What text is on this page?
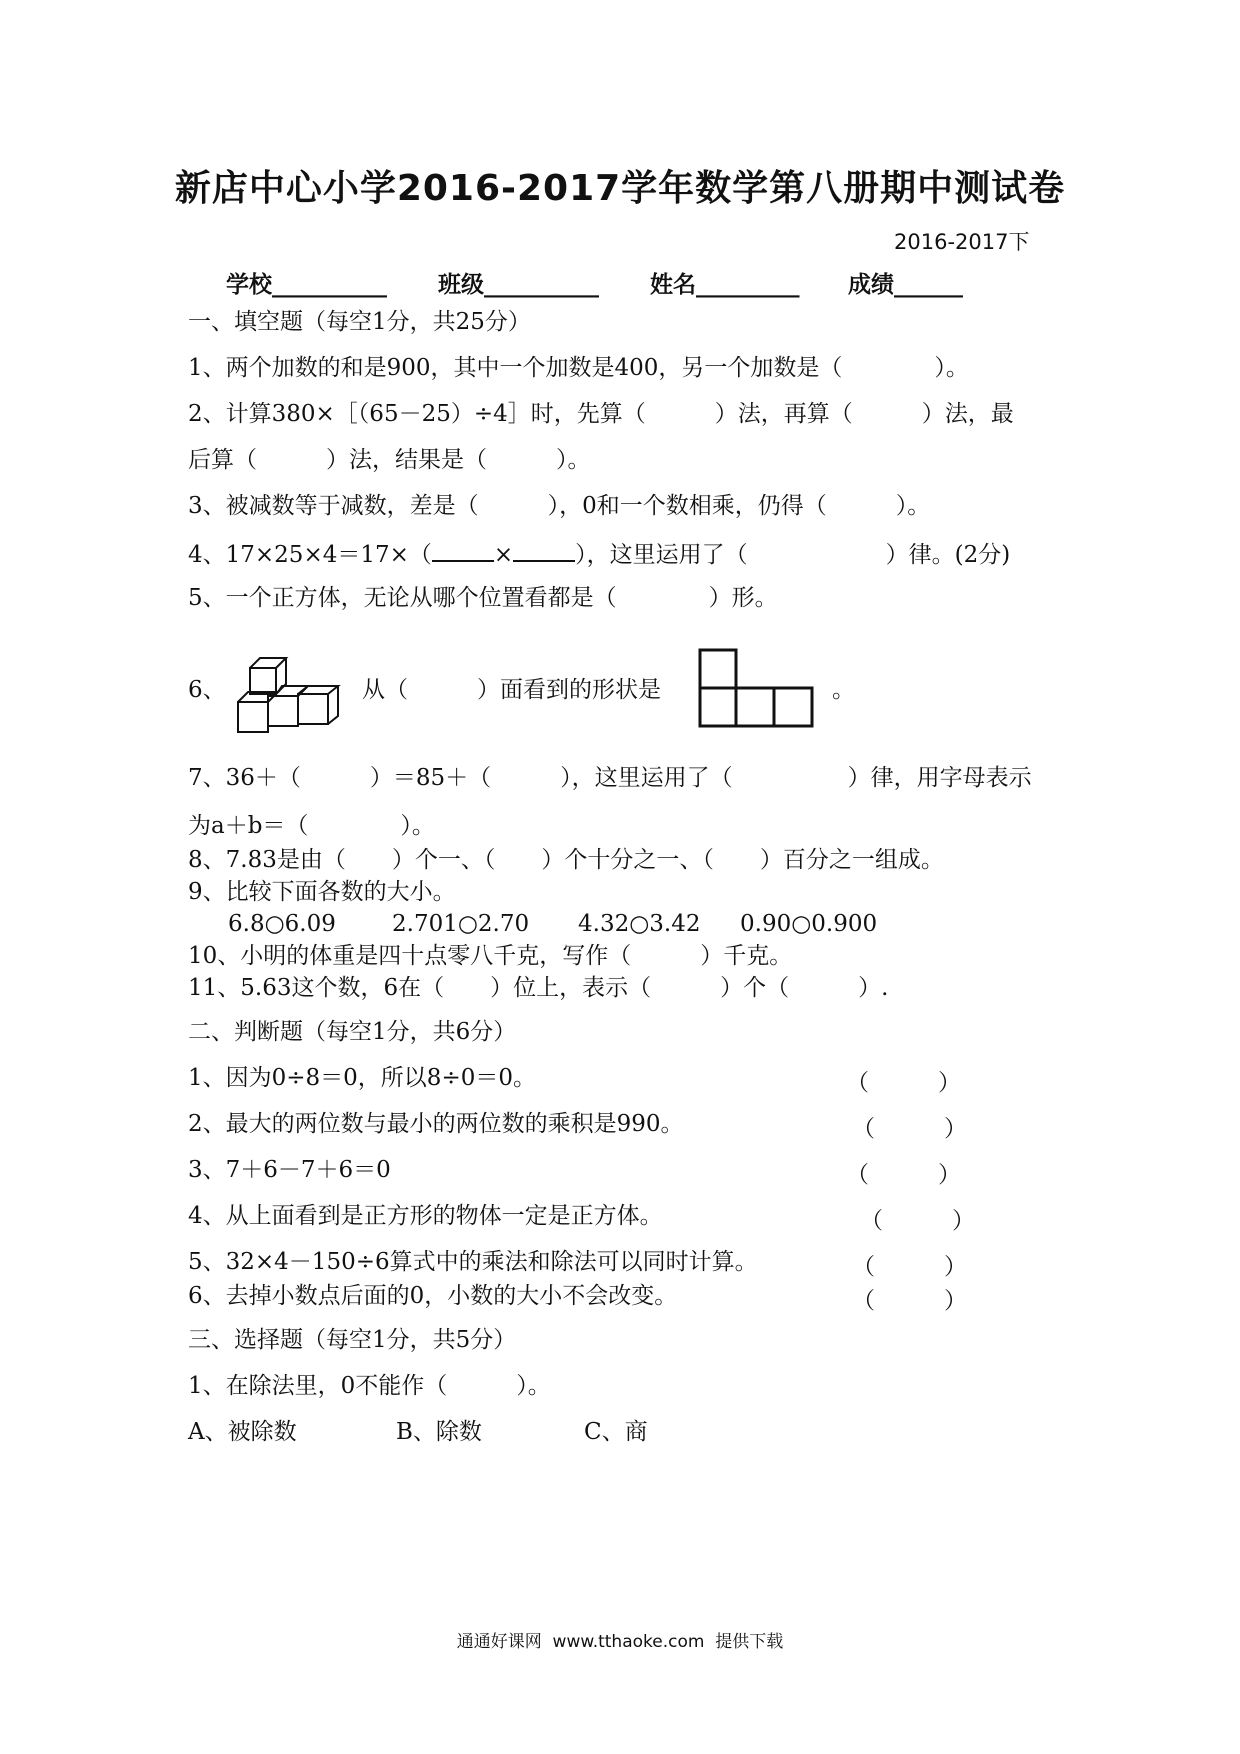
新店中心小学2016-2017学年数学第八册期中测试卷
2016-2017下
学校__________ 班级__________ 姓名_________ 成绩______
一、填空题（每空1分，共25分）
1、两个加数的和是900，其中一个加数是400，另一个加数是（　　　　）。
2、计算380×［（65－25）÷4］时，先算（　　　）法，再算（　　　）法，最
后算（　　　）法，结果是（　　　）。
3、被减数等于减数，差是（　　　），0和一个数相乘，仍得（　　　）。
4、17×25×4＝17×（	×	），这里运用了（　　　　　　）律。(2分)
5、一个正方体，无论从哪个位置看都是（　　　　）形。
6、	从（　　　）面看到的形状是	。
7、36＋（　　　）＝85＋（　　　），这里运用了（　　　　　）律，用字母表示
为a＋b＝（　　　　）。
8、7.83是由（　　）个一、（　　）个十分之一、（　　）百分之一组成。
9、比较下面各数的大小。
6.8○6.09 2.701○2.70 4.32○3.42 0.90○0.900
10、小明的体重是四十点零八千克，写作（　　　）千克。
11、5.63这个数，6在（　　）位上，表示（　　　）个（　　　）.
二、判断题（每空1分，共6分）
1、因为0÷8＝0，所以8÷0＝0。	（　　　）
2、最大的两位数与最小的两位数的乘积是990。	（　　　）
3、7＋6－7＋6＝0	（　　　）
4、从上面看到是正方形的物体一定是正方体。	（　　　）
5、32×4－150÷6算式中的乘法和除法可以同时计算。	（　　　）
6、去掉小数点后面的0，小数的大小不会改变。	（　　　）
三、选择题（每空1分，共5分）
1、在除法里，0不能作（　　　）。
A、被除数	B、除数	C、商
通通好课网  www.tthaoke.com  提供下载
